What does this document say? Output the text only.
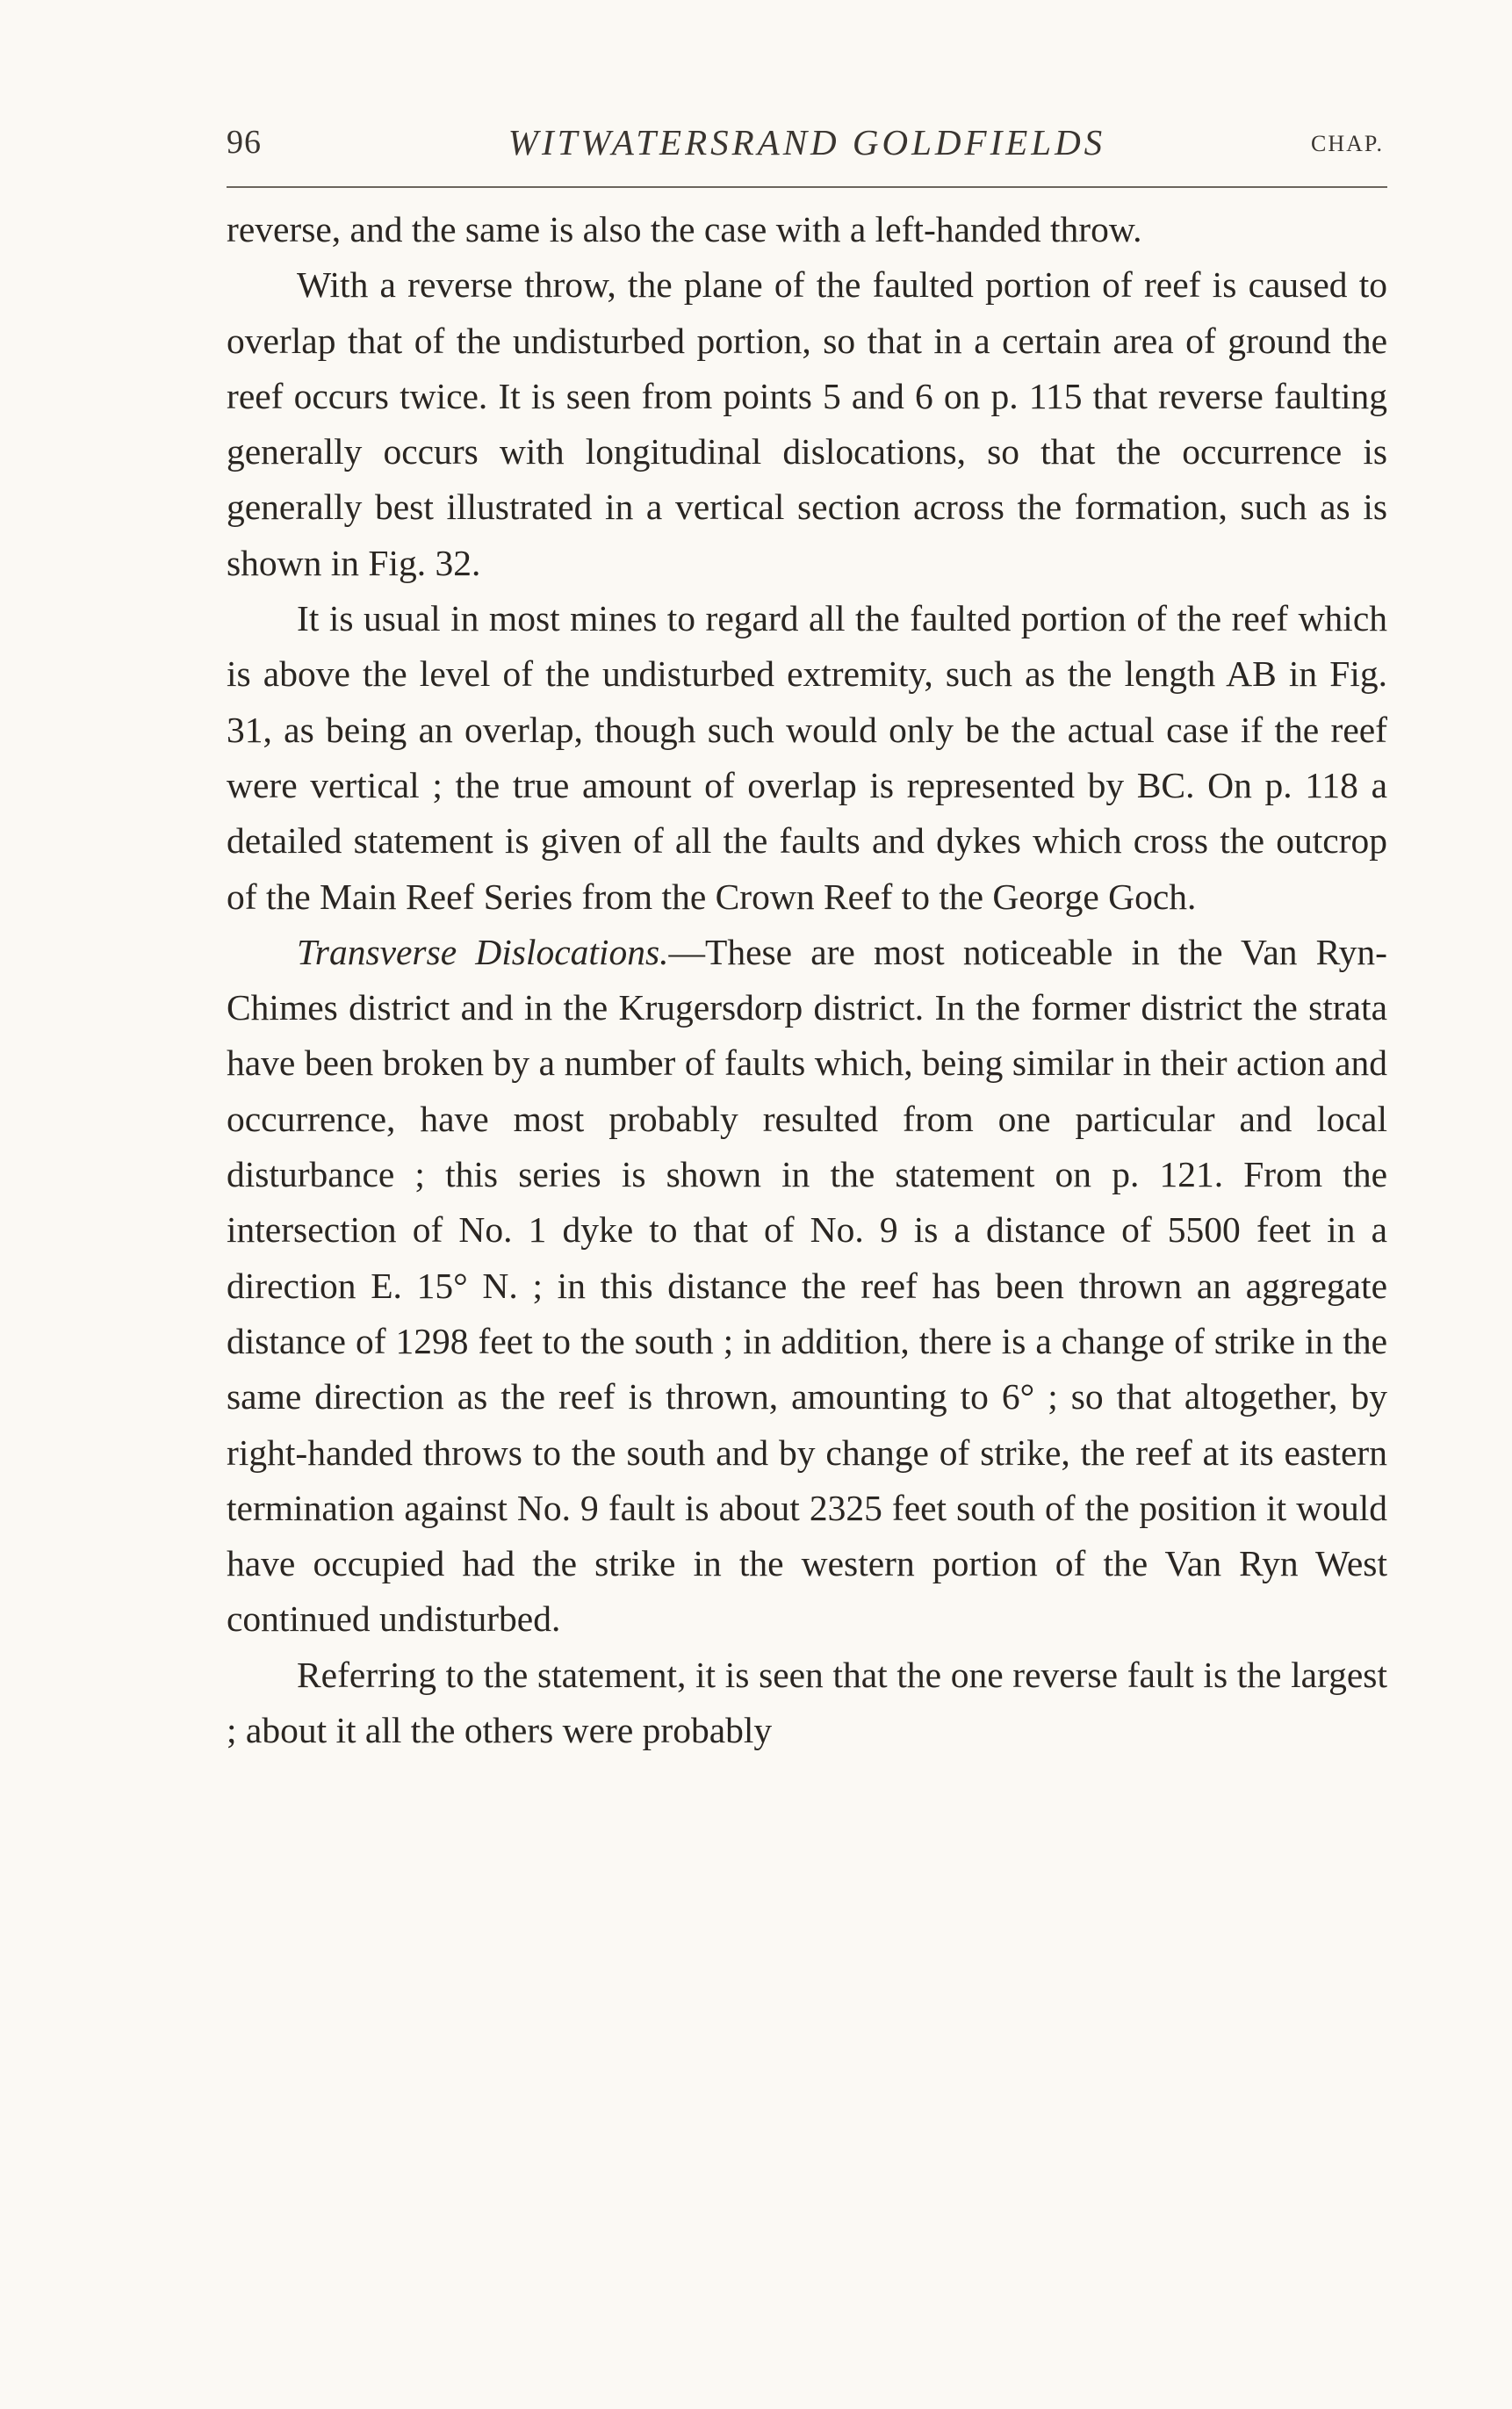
96	WITWATERSRAND GOLDFIELDS	CHAP.

reverse, and the same is also the case with a left-handed throw.

With a reverse throw, the plane of the faulted portion of reef is caused to overlap that of the undisturbed portion, so that in a certain area of ground the reef occurs twice. It is seen from points 5 and 6 on p. 115 that reverse faulting generally occurs with longitudinal dislocations, so that the occurrence is generally best illustrated in a vertical section across the formation, such as is shown in Fig. 32.

It is usual in most mines to regard all the faulted portion of the reef which is above the level of the undisturbed extremity, such as the length AB in Fig. 31, as being an overlap, though such would only be the actual case if the reef were vertical ; the true amount of overlap is represented by BC. On p. 118 a detailed statement is given of all the faults and dykes which cross the outcrop of the Main Reef Series from the Crown Reef to the George Goch.

Transverse Dislocations.—These are most noticeable in the Van Ryn-Chimes district and in the Krugersdorp district. In the former district the strata have been broken by a number of faults which, being similar in their action and occurrence, have most probably resulted from one particular and local disturbance ; this series is shown in the statement on p. 121. From the intersection of No. 1 dyke to that of No. 9 is a distance of 5500 feet in a direction E. 15° N. ; in this distance the reef has been thrown an aggregate distance of 1298 feet to the south ; in addition, there is a change of strike in the same direction as the reef is thrown, amounting to 6° ; so that altogether, by right-handed throws to the south and by change of strike, the reef at its eastern termination against No. 9 fault is about 2325 feet south of the position it would have occupied had the strike in the western portion of the Van Ryn West continued undisturbed.

Referring to the statement, it is seen that the one reverse fault is the largest ; about it all the others were probably
